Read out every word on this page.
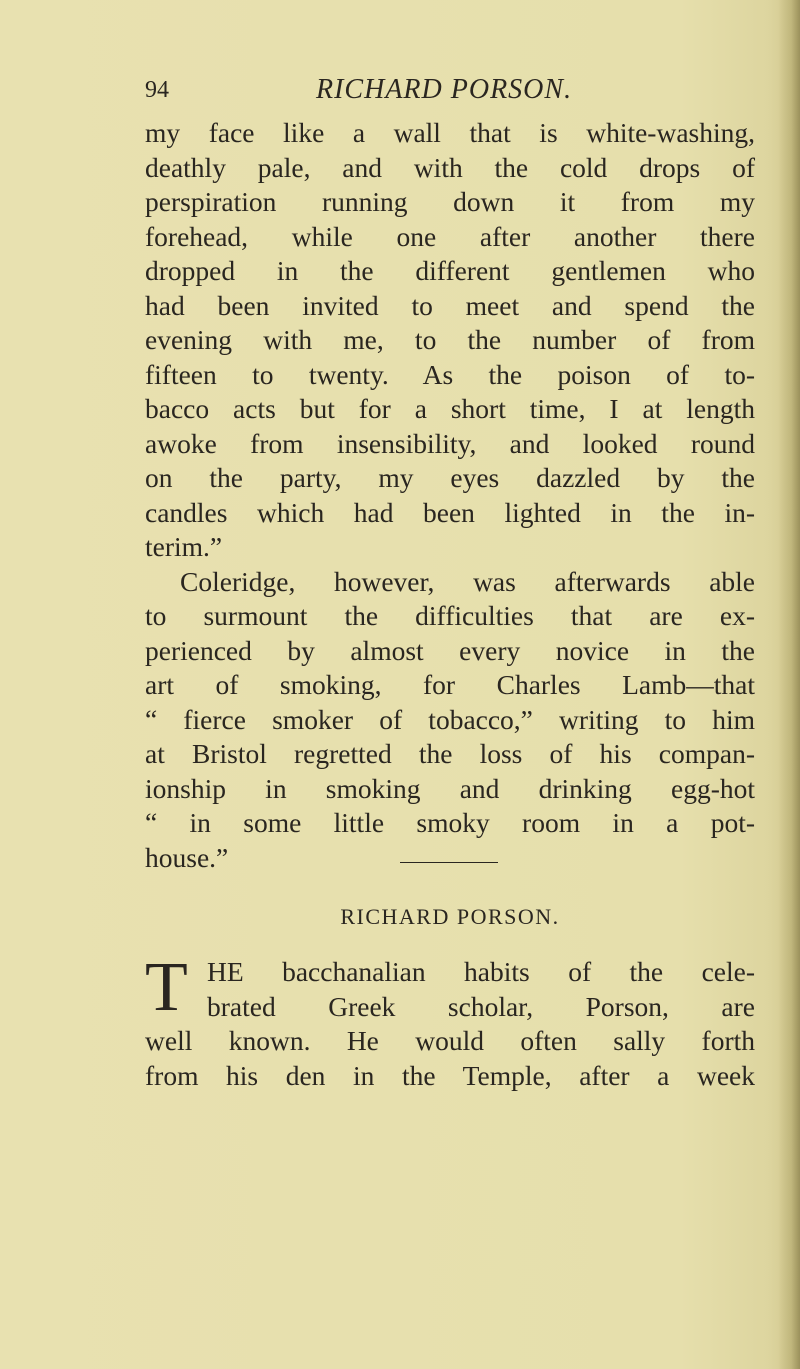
94	RICHARD PORSON.
my face like a wall that is white-washing,
deathly pale, and with the cold drops of
perspiration running down it from my
forehead, while one after another there
dropped in the different gentlemen who
had been invited to meet and spend the
evening with me, to the number of from
fifteen to twenty. As the poison of to-
bacco acts but for a short time, I at length
awoke from insensibility, and looked round
on the party, my eyes dazzled by the
candles which had been lighted in the in-
terim.”
Coleridge, however, was afterwards able
to surmount the difficulties that are ex-
perienced by almost every novice in the
art of smoking, for Charles Lamb—that
“ fierce smoker of tobacco,” writing to him
at Bristol regretted the loss of his compan-
ionship in smoking and drinking egg-hot
“ in some little smoky room in a pot-
house.”
RICHARD PORSON.
T HE bacchanalian habits of the cele-
brated Greek scholar, Porson, are
well known. He would often sally forth
from his den in the Temple, after a week
